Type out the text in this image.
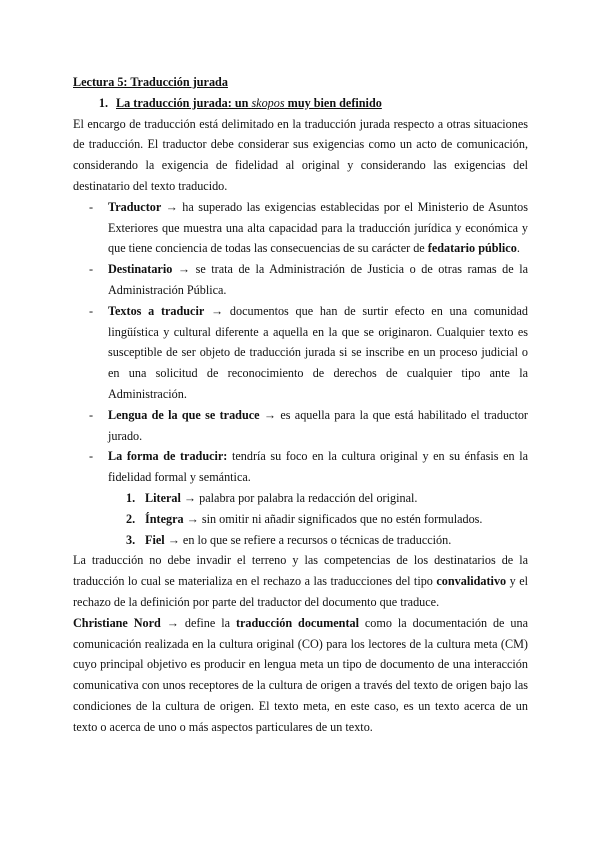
Lectura 5: Traducción jurada

1. La traducción jurada: un skopos muy bien definido

El encargo de traducción está delimitado en la traducción jurada respecto a otras situaciones de traducción. El traductor debe considerar sus exigencias como un acto de comunicación, considerando la exigencia de fidelidad al original y considerando las exigencias del destinatario del texto traducido.

- Traductor → ha superado las exigencias establecidas por el Ministerio de Asuntos Exteriores que muestra una alta capacidad para la traducción jurídica y económica y que tiene conciencia de todas las consecuencias de su carácter de fedatario público.
- Destinatario → se trata de la Administración de Justicia o de otras ramas de la Administración Pública.
- Textos a traducir → documentos que han de surtir efecto en una comunidad lingüística y cultural diferente a aquella en la que se originaron. Cualquier texto es susceptible de ser objeto de traducción jurada si se inscribe en un proceso judicial o en una solicitud de reconocimiento de derechos de cualquier tipo ante la Administración.
- Lengua de la que se traduce → es aquella para la que está habilitado el traductor jurado.
- La forma de traducir: tendría su foco en la cultura original y en su énfasis en la fidelidad formal y semántica.
1. Literal → palabra por palabra la redacción del original.
2. Íntegra → sin omitir ni añadir significados que no estén formulados.
3. Fiel → en lo que se refiere a recursos o técnicas de traducción.

La traducción no debe invadir el terreno y las competencias de los destinatarios de la traducción lo cual se materializa en el rechazo a las traducciones del tipo convalidativo y el rechazo de la definición por parte del traductor del documento que traduce.

Christiane Nord → define la traducción documental como la documentación de una comunicación realizada en la cultura original (CO) para los lectores de la cultura meta (CM) cuyo principal objetivo es producir en lengua meta un tipo de documento de una interacción comunicativa con unos receptores de la cultura de origen a través del texto de origen bajo las condiciones de la cultura de origen. El texto meta, en este caso, es un texto acerca de un texto o acerca de uno o más aspectos particulares de un texto.
